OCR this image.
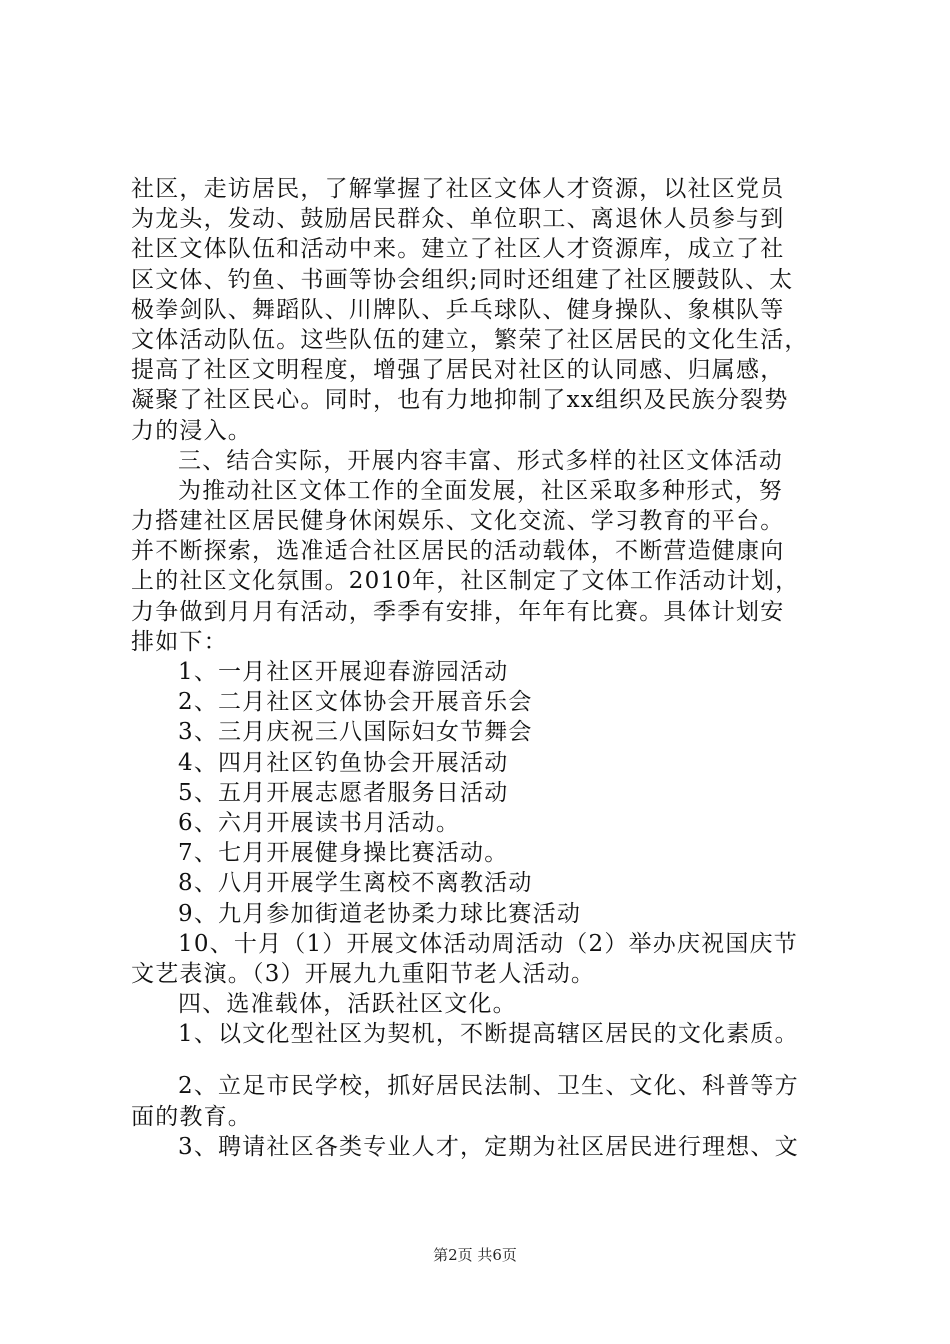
社区，走访居民，了解掌握了社区文体人才资源，以社区党员
为龙头，发动、鼓励居民群众、单位职工、离退休人员参与到
社区文体队伍和活动中来。建立了社区人才资源库，成立了社
区文体、钓鱼、书画等协会组织;同时还组建了社区腰鼓队、太
极拳剑队、舞蹈队、川牌队、乒乓球队、健身操队、象棋队等
文体活动队伍。这些队伍的建立，繁荣了社区居民的文化生活，
提高了社区文明程度，增强了居民对社区的认同感、归属感，
凝聚了社区民心。同时，也有力地抑制了xx组织及民族分裂势
力的浸入。
三、结合实际，开展内容丰富、形式多样的社区文体活动
为推动社区文体工作的全面发展，社区采取多种形式，努
力搭建社区居民健身休闲娱乐、文化交流、学习教育的平台。
并不断探索，选准适合社区居民的活动载体，不断营造健康向
上的社区文化氛围。2010年，社区制定了文体工作活动计划，
力争做到月月有活动，季季有安排，年年有比赛。具体计划安
排如下：
1、一月社区开展迎春游园活动
2、二月社区文体协会开展音乐会
3、三月庆祝三八国际妇女节舞会
4、四月社区钓鱼协会开展活动
5、五月开展志愿者服务日活动
6、六月开展读书月活动。
7、七月开展健身操比赛活动。
8、八月开展学生离校不离教活动
9、九月参加街道老协柔力球比赛活动
10、十月（1）开展文体活动周活动（2）举办庆祝国庆节
文艺表演。（3）开展九九重阳节老人活动。
四、选准载体，活跃社区文化。
1、以文化型社区为契机，不断提高辖区居民的文化素质。
2、立足市民学校，抓好居民法制、卫生、文化、科普等方
面的教育。
3、聘请社区各类专业人才，定期为社区居民进行理想、文
第2页 共6页
